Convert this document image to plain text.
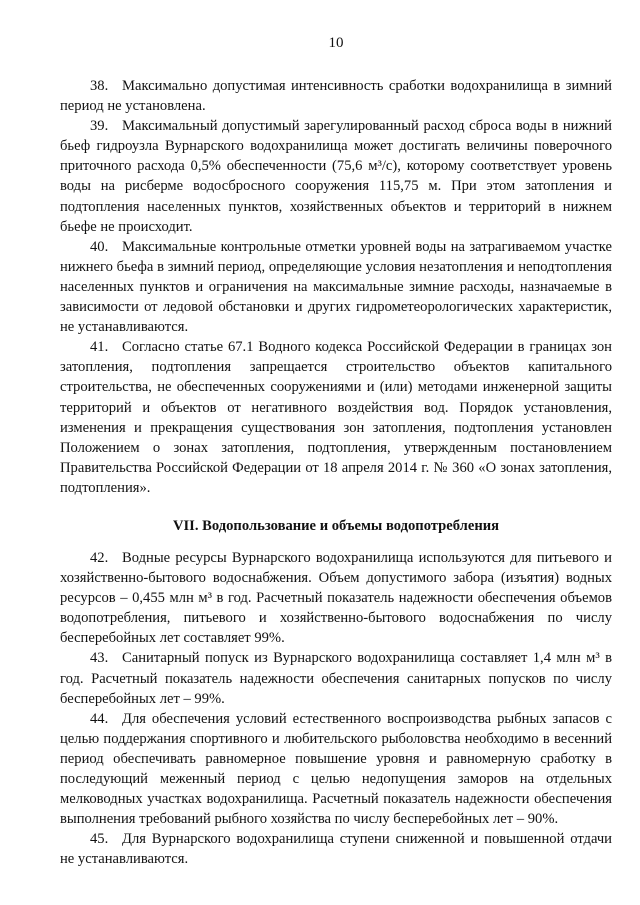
10

38. Максимально допустимая интенсивность сработки водохранилища в зимний период не установлена.

39. Максимальный допустимый зарегулированный расход сброса воды в нижний бьеф гидроузла Вурнарского водохранилища может достигать величины поверочного приточного расхода 0,5% обеспеченности (75,6 м³/с), которому соответствует уровень воды на рисберме водосбросного сооружения 115,75 м. При этом затопления и подтопления населенных пунктов, хозяйственных объектов и территорий в нижнем бьефе не происходит.

40. Максимальные контрольные отметки уровней воды на затрагиваемом участке нижнего бьефа в зимний период, определяющие условия незатопления и неподтопления населенных пунктов и ограничения на максимальные зимние расходы, назначаемые в зависимости от ледовой обстановки и других гидрометеорологических характеристик, не устанавливаются.

41. Согласно статье 67.1 Водного кодекса Российской Федерации в границах зон затопления, подтопления запрещается строительство объектов капитального строительства, не обеспеченных сооружениями и (или) методами инженерной защиты территорий и объектов от негативного воздействия вод. Порядок установления, изменения и прекращения существования зон затопления, подтопления установлен Положением о зонах затопления, подтопления, утвержденным постановлением Правительства Российской Федерации от 18 апреля 2014 г. № 360 «О зонах затопления, подтопления».

VII. Водопользование и объемы водопотребления

42. Водные ресурсы Вурнарского водохранилища используются для питьевого и хозяйственно-бытового водоснабжения. Объем допустимого забора (изъятия) водных ресурсов – 0,455 млн м³ в год. Расчетный показатель надежности обеспечения объемов водопотребления, питьевого и хозяйственно-бытового водоснабжения по числу бесперебойных лет составляет 99%.

43. Санитарный попуск из Вурнарского водохранилища составляет 1,4 млн м³ в год. Расчетный показатель надежности обеспечения санитарных попусков по числу бесперебойных лет – 99%.

44. Для обеспечения условий естественного воспроизводства рыбных запасов с целью поддержания спортивного и любительского рыболовства необходимо в весенний период обеспечивать равномерное повышение уровня и равномерную сработку в последующий меженный период с целью недопущения заморов на отдельных мелководных участках водохранилища. Расчетный показатель надежности обеспечения выполнения требований рыбного хозяйства по числу бесперебойных лет – 90%.

45. Для Вурнарского водохранилища ступени сниженной и повышенной отдачи не устанавливаются.
